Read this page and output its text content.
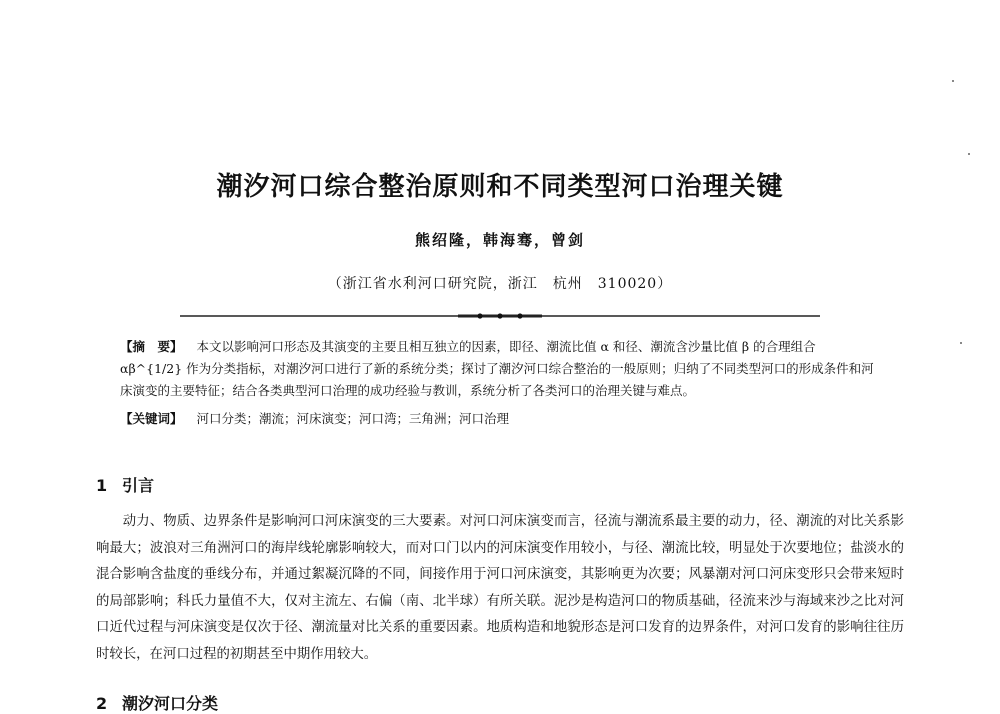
潮汐河口综合整治原则和不同类型河口治理关键
熊绍隆，韩海骞，曾剑
（浙江省水利河口研究院，浙江　杭州　310020）

【摘　要】 本文以影响河口形态及其演变的主要且相互独立的因素，即径、潮流比值 α 和径、潮流含沙量比值 β 的合理组合 αβ^{1/2} 作为分类指标，对潮汐河口进行了新的系统分类；探讨了潮汐河口综合整治的一般原则；归纳了不同类型河口的形成条件和河床演变的主要特征；结合各类典型河口治理的成功经验与教训，系统分析了各类河口的治理关键与难点。

【关键词】 河口分类；潮流；河床演变；河口湾；三角洲；河口治理
1 引言

动力、物质、边界条件是影响河口河床演变的三大要素。对河口河床演变而言，径流与潮流系最主要的动力，径、潮流的对比关系影响最大；波浪对三角洲河口的海岸线轮廓影响较大，而对口门以内的河床演变作用较小，与径、潮流比较，明显处于次要地位；盐淡水的混合影响含盐度的垂线分布，并通过絮凝沉降的不同，间接作用于河口河床演变，其影响更为次要；风暴潮对河口河床变形只会带来短时的局部影响；科氏力量值不大，仅对主流左、右偏（南、北半球）有所关联。泥沙是构造河口的物质基础，径流来沙与海域来沙之比对河口近代过程与河床演变是仅次于径、潮流量对比关系的重要因素。地质构造和地貌形态是河口发育的边界条件，对河口发育的影响往往历时较长，在河口过程的初期甚至中期作用较大。

2 潮汐河口分类
